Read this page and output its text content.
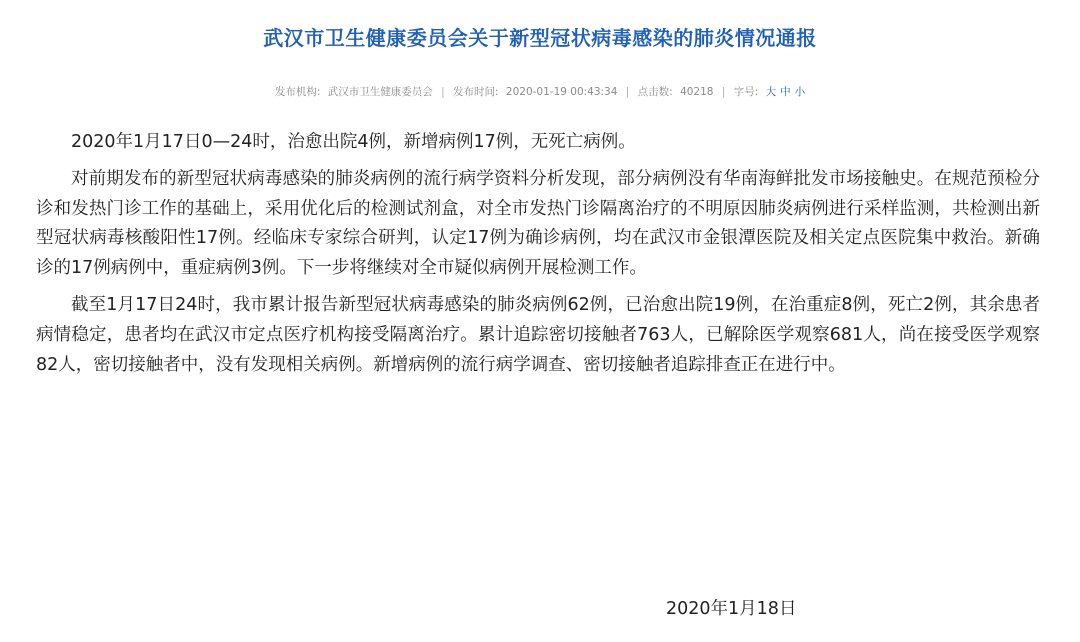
武汉市卫生健康委员会关于新型冠状病毒感染的肺炎情况通报
发布机构: 武汉市卫生健康委员会 | 发布时间: 2020-01-19 00:43:34 | 点击数: 40218 | 字号: 大 中 小

2020年1月17日0—24时，治愈出院4例，新增病例17例，无死亡病例。

对前期发布的新型冠状病毒感染的肺炎病例的流行病学资料分析发现，部分病例没有华南海鲜批发市场接触史。在规范预检分诊和发热门诊工作的基础上，采用优化后的检测试剂盒，对全市发热门诊隔离治疗的不明原因肺炎病例进行采样监测，共检测出新型冠状病毒核酸阳性17例。经临床专家综合研判，认定17例为确诊病例，均在武汉市金银潭医院及相关定点医院集中救治。新确诊的17例病例中，重症病例3例。下一步将继续对全市疑似病例开展检测工作。

截至1月17日24时，我市累计报告新型冠状病毒感染的肺炎病例62例，已治愈出院19例，在治重症8例，死亡2例，其余患者病情稳定，患者均在武汉市定点医疗机构接受隔离治疗。累计追踪密切接触者763人，已解除医学观察681人，尚在接受医学观察82人，密切接触者中，没有发现相关病例。新增病例的流行病学调查、密切接触者追踪排查正在进行中。

2020年1月18日
